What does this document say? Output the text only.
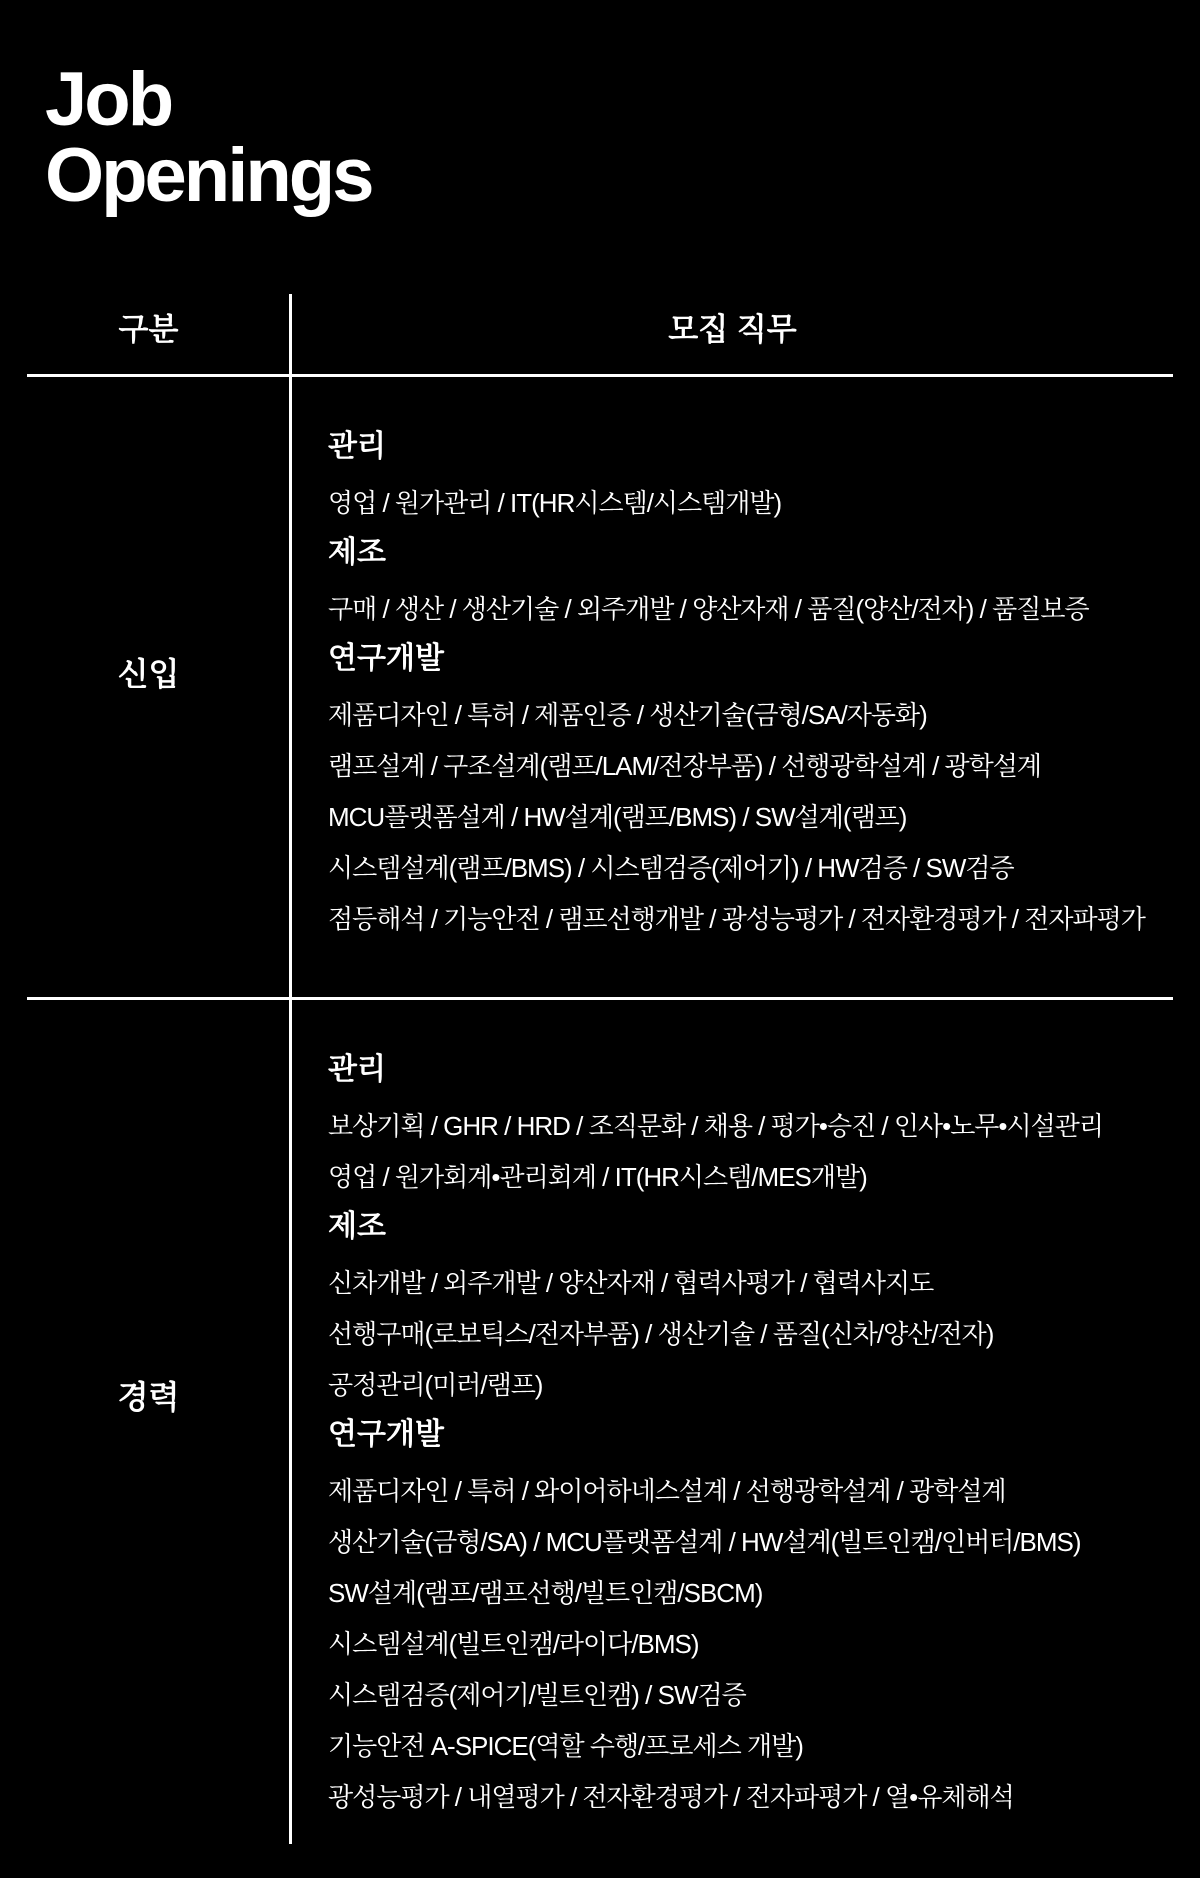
Job
Openings
구분	모집 직무
신입
관리
영업 / 원가관리 / IT(HR시스템/시스템개발)
제조
구매 / 생산 / 생산기술 / 외주개발 / 양산자재 / 품질(양산/전자) / 품질보증
연구개발
제품디자인 / 특허 / 제품인증 / 생산기술(금형/SA/자동화)
램프설계 / 구조설계(램프/LAM/전장부품) / 선행광학설계 / 광학설계
MCU플랫폼설계 / HW설계(램프/BMS) / SW설계(램프)
시스템설계(램프/BMS) / 시스템검증(제어기) / HW검증 / SW검증
점등해석 / 기능안전 / 램프선행개발 / 광성능평가 / 전자환경평가 / 전자파평가
경력
관리
보상기획 / GHR / HRD / 조직문화 / 채용 / 평가•승진 / 인사•노무•시설관리
영업 / 원가회계•관리회계 / IT(HR시스템/MES개발)
제조
신차개발 / 외주개발 / 양산자재 / 협력사평가 / 협력사지도
선행구매(로보틱스/전자부품) / 생산기술 / 품질(신차/양산/전자)
공정관리(미러/램프)
연구개발
제품디자인 / 특허 / 와이어하네스설계 / 선행광학설계 / 광학설계
생산기술(금형/SA) / MCU플랫폼설계 / HW설계(빌트인캠/인버터/BMS)
SW설계(램프/램프선행/빌트인캠/SBCM)
시스템설계(빌트인캠/라이다/BMS)
시스템검증(제어기/빌트인캠) / SW검증
기능안전 A-SPICE(역할 수행/프로세스 개발)
광성능평가 / 내열평가 / 전자환경평가 / 전자파평가 / 열•유체해석
